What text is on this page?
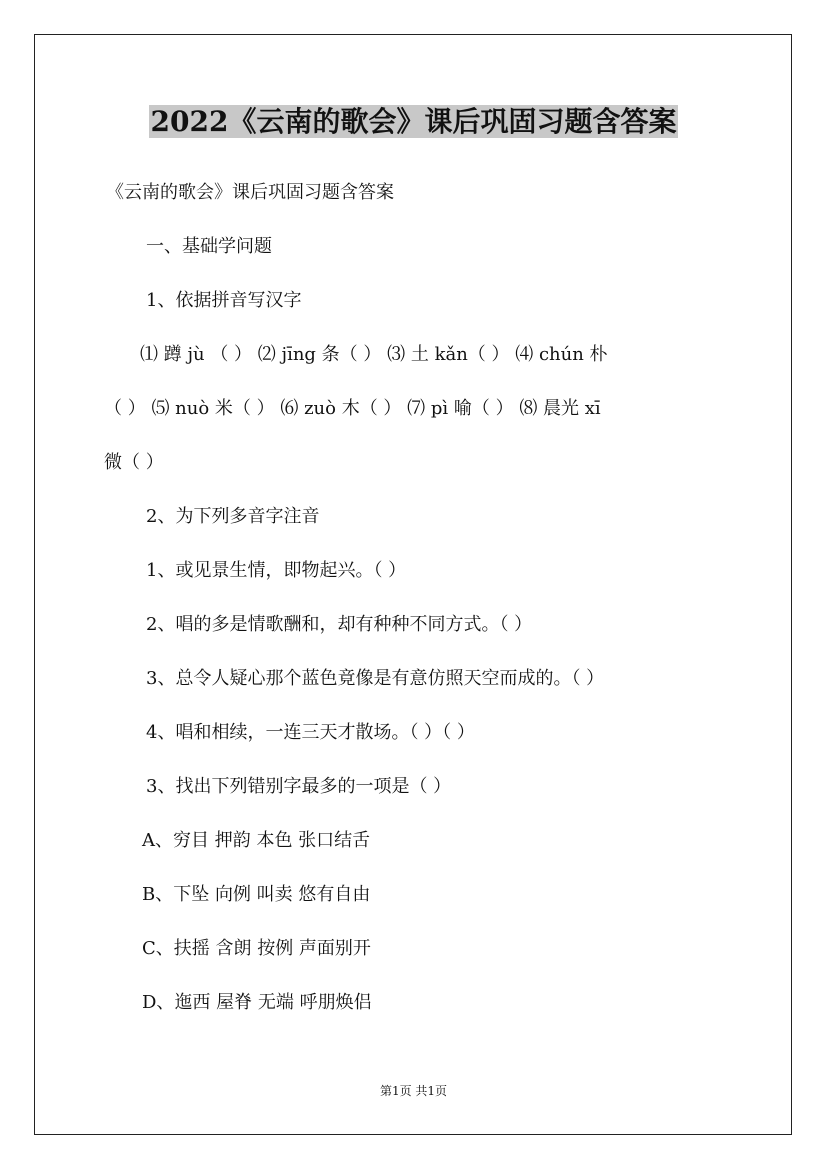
2022《云南的歌会》课后巩固习题含答案
《云南的歌会》课后巩固习题含答案
一、基础学问题
1、依据拼音写汉字
⑴ 蹲 jù （ ） ⑵ jīng 条（ ） ⑶ 土 kǎn（ ） ⑷ chún 朴
（ ） ⑸ nuò 米（ ） ⑹ zuò 木（ ） ⑺ pì 喻（ ） ⑻ 晨光 xī
微（ ）
2、为下列多音字注音
1、或见景生情，即物起兴。（ ）
2、唱的多是情歌酬和，却有种种不同方式。（ ）
3、总令人疑心那个蓝色竟像是有意仿照天空而成的。（ ）
4、唱和相续，一连三天才散场。（ ）（ ）
3、找出下列错别字最多的一项是（ ）
A、穷目 押韵 本色 张口结舌
B、下坠 向例 叫卖 悠有自由
C、扶摇 含朗 按例 声面别开
D、迤西 屋脊 无端 呼朋焕侣
第1页 共1页
